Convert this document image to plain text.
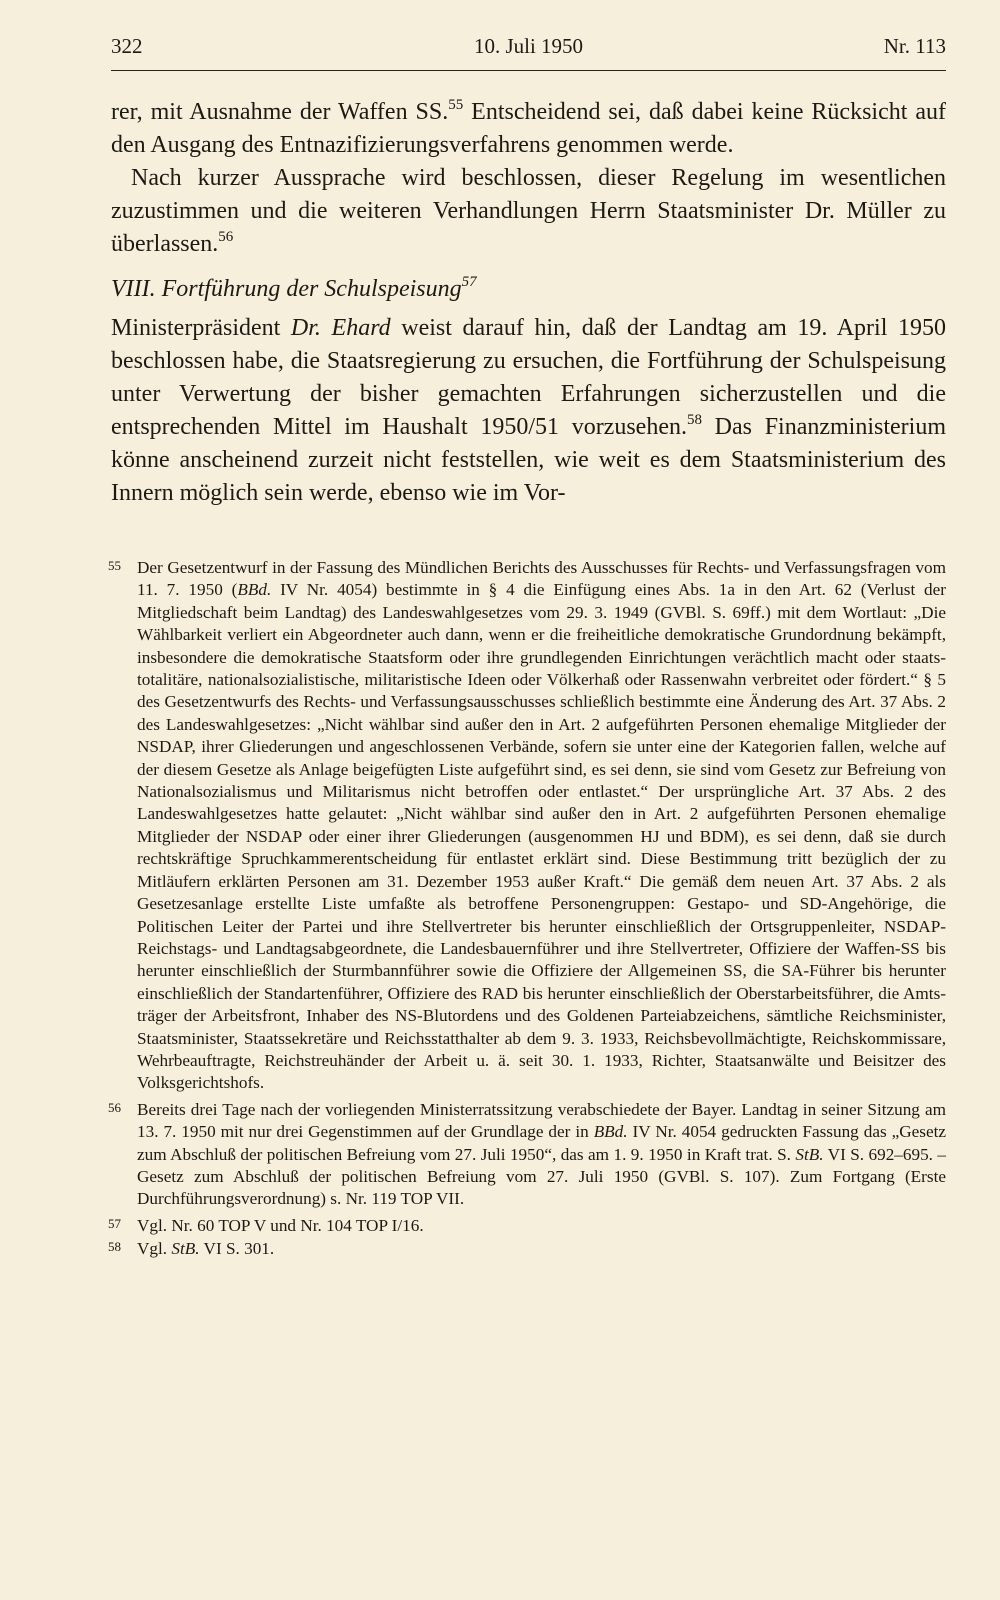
322	10. Juli 1950	Nr. 113

rer, mit Ausnahme der Waffen SS.$^{55}$ Entscheidend sei, daß dabei keine Rücksicht auf den Ausgang des Entnazifizierungsverfahrens genommen werde.

Nach kurzer Aussprache wird beschlossen, dieser Regelung im wesentlichen zuzustimmen und die weiteren Verhandlungen Herrn Staatsminister Dr. Müller zu überlassen.$^{56}$

VIII. Fortführung der Schulspeisung$^{57}$

Ministerpräsident Dr. Ehard weist darauf hin, daß der Landtag am 19. April 1950 beschlossen habe, die Staatsregierung zu ersuchen, die Fortführung der Schulspeisung unter Verwertung der bisher gemachten Erfahrungen sicherzustellen und die entsprechenden Mittel im Haushalt 1950/51 vorzusehen.$^{58}$ Das Finanzministerium könne anscheinend zurzeit nicht feststellen, wie weit es dem Staatsministerium des Innern möglich sein werde, ebenso wie im Vor-

55 Der Gesetzentwurf in der Fassung des Mündlichen Berichts des Ausschusses für Rechts- und Verfassungsfragen vom 11. 7. 1950 (BBd. IV Nr. 4054) bestimmte in § 4 die Einfügung eines Abs. 1a in den Art. 62 (Verlust der Mitgliedschaft beim Landtag) des Landeswahlgesetzes vom 29. 3. 1949 (GVBl. S. 69ff.) mit dem Wortlaut: „Die Wählbarkeit verliert ein Abgeordneter auch dann, wenn er die freiheitliche demokratische Grundordnung bekämpft, insbesondere die demokratische Staatsform oder ihre grundlegenden Einrichtungen verächtlich macht oder staatstotalitäre, nationalsozialistische, militaristische Ideen oder Völkerhaß oder Rassenwahn verbreitet oder fördert.“ § 5 des Gesetzentwurfs des Rechts- und Verfassungsausschusses schließlich bestimmte eine Änderung des Art. 37 Abs. 2 des Landeswahlgesetzes: „Nicht wählbar sind außer den in Art. 2 aufgeführten Personen ehemalige Mitglieder der NSDAP, ihrer Gliederungen und angeschlossenen Verbände, sofern sie unter eine der Kategorien fallen, welche auf der diesem Gesetze als Anlage beigefügten Liste aufgeführt sind, es sei denn, sie sind vom Gesetz zur Befreiung von Nationalsozialismus und Militarismus nicht betroffen oder entlastet.“ Der ursprüngliche Art. 37 Abs. 2 des Landeswahlgesetzes hatte gelautet: „Nicht wählbar sind außer den in Art. 2 aufgeführten Personen ehemalige Mitglieder der NSDAP oder einer ihrer Gliederungen (ausgenommen HJ und BDM), es sei denn, daß sie durch rechtskräftige Spruchkammerentscheidung für entlastet erklärt sind. Diese Bestimmung tritt bezüglich der zu Mitläufern erklärten Personen am 31. Dezember 1953 außer Kraft.“ Die gemäß dem neuen Art. 37 Abs. 2 als Gesetzesanlage erstellte Liste umfaßte als betroffene Personengruppen: Gestapo- und SD-Angehörige, die Politischen Leiter der Partei und ihre Stellvertreter bis herunter einschließlich der Ortsgruppenleiter, NSDAP-Reichstags- und Landtagsabgeordnete, die Landesbauernführer und ihre Stellvertreter, Offiziere der Waffen-SS bis herunter einschließlich der Sturmbannführer sowie die Offiziere der Allgemeinen SS, die SA-Führer bis herunter einschließlich der Standartenführer, Offiziere des RAD bis herunter einschließlich der Oberstarbeitsführer, die Amtsträger der Arbeitsfront, Inhaber des NS-Blutordens und des Goldenen Parteiabzeichens, sämtliche Reichsminister, Staatsminister, Staatssekretäre und Reichsstatthalter ab dem 9. 3. 1933, Reichsbevollmächtigte, Reichskommissare, Wehrbeauftragte, Reichstreuhänder der Arbeit u. ä. seit 30. 1. 1933, Richter, Staatsanwälte und Beisitzer des Volksgerichtshofs.
56 Bereits drei Tage nach der vorliegenden Ministerratssitzung verabschiedete der Bayer. Landtag in seiner Sitzung am 13. 7. 1950 mit nur drei Gegenstimmen auf der Grundlage der in BBd. IV Nr. 4054 gedruckten Fassung das „Gesetz zum Abschluß der politischen Befreiung vom 27. Juli 1950“, das am 1. 9. 1950 in Kraft trat. S. StB. VI S. 692–695. – Gesetz zum Abschluß der politischen Befreiung vom 27. Juli 1950 (GVBl. S. 107). Zum Fortgang (Erste Durchführungsverordnung) s. Nr. 119 TOP VII.
57 Vgl. Nr. 60 TOP V und Nr. 104 TOP I/16.
58 Vgl. StB. VI S. 301.
